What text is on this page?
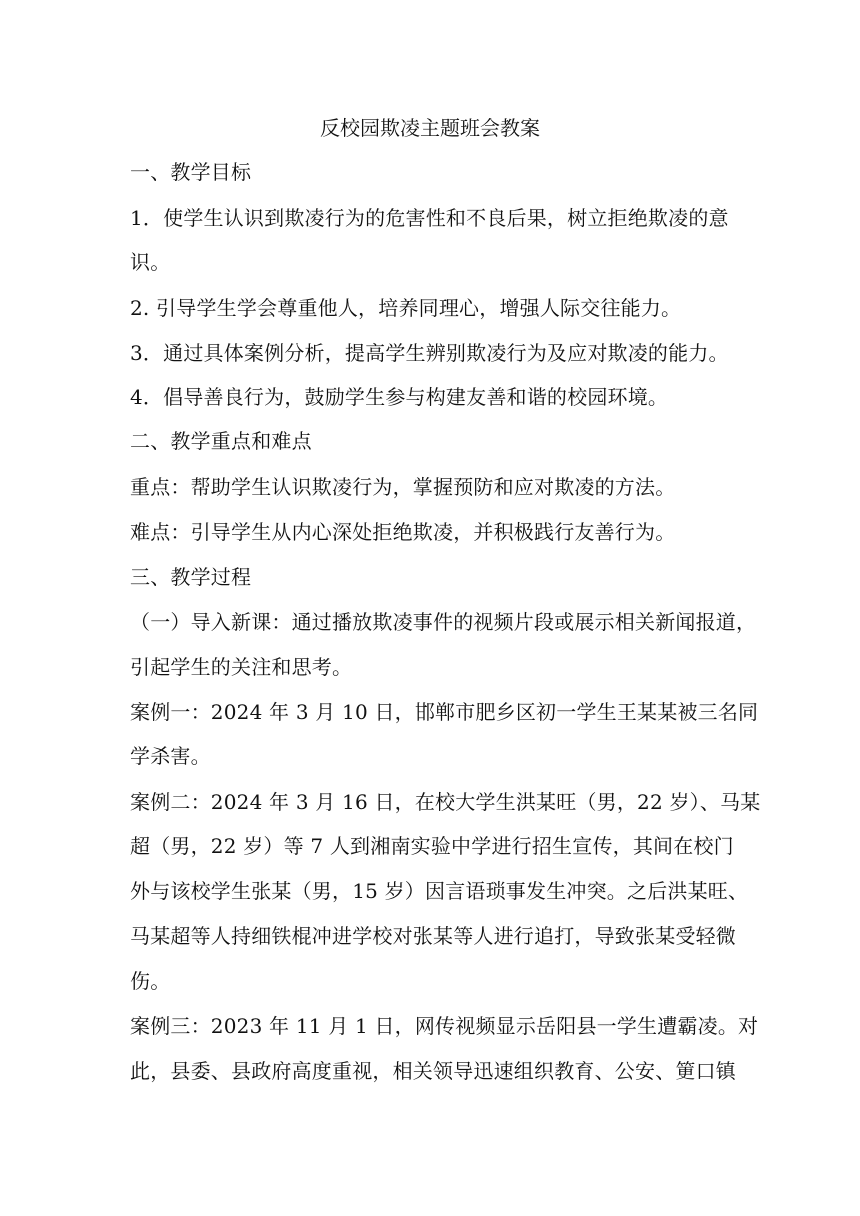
反校园欺凌主题班会教案
一、教学目标
1．使学生认识到欺凌行为的危害性和不良后果，树立拒绝欺凌的意
识。
2. 引导学生学会尊重他人，培养同理心，增强人际交往能力。
3．通过具体案例分析，提高学生辨别欺凌行为及应对欺凌的能力。
4．倡导善良行为，鼓励学生参与构建友善和谐的校园环境。
二、教学重点和难点
重点：帮助学生认识欺凌行为，掌握预防和应对欺凌的方法。
难点：引导学生从内心深处拒绝欺凌，并积极践行友善行为。
三、教学过程
（一）导入新课：通过播放欺凌事件的视频片段或展示相关新闻报道，
引起学生的关注和思考。
案例一：2024 年 3 月 10 日，邯郸市肥乡区初一学生王某某被三名同
学杀害。
案例二：2024 年 3 月 16 日，在校大学生洪某旺（男，22 岁）、马某
超（男，22 岁）等 7 人到湘南实验中学进行招生宣传，其间在校门
外与该校学生张某（男，15 岁）因言语琐事发生冲突。之后洪某旺、
马某超等人持细铁棍冲进学校对张某等人进行追打，导致张某受轻微
伤。
案例三：2023 年 11 月 1 日，网传视频显示岳阳县一学生遭霸凌。对
此，县委、县政府高度重视，相关领导迅速组织教育、公安、筻口镇
